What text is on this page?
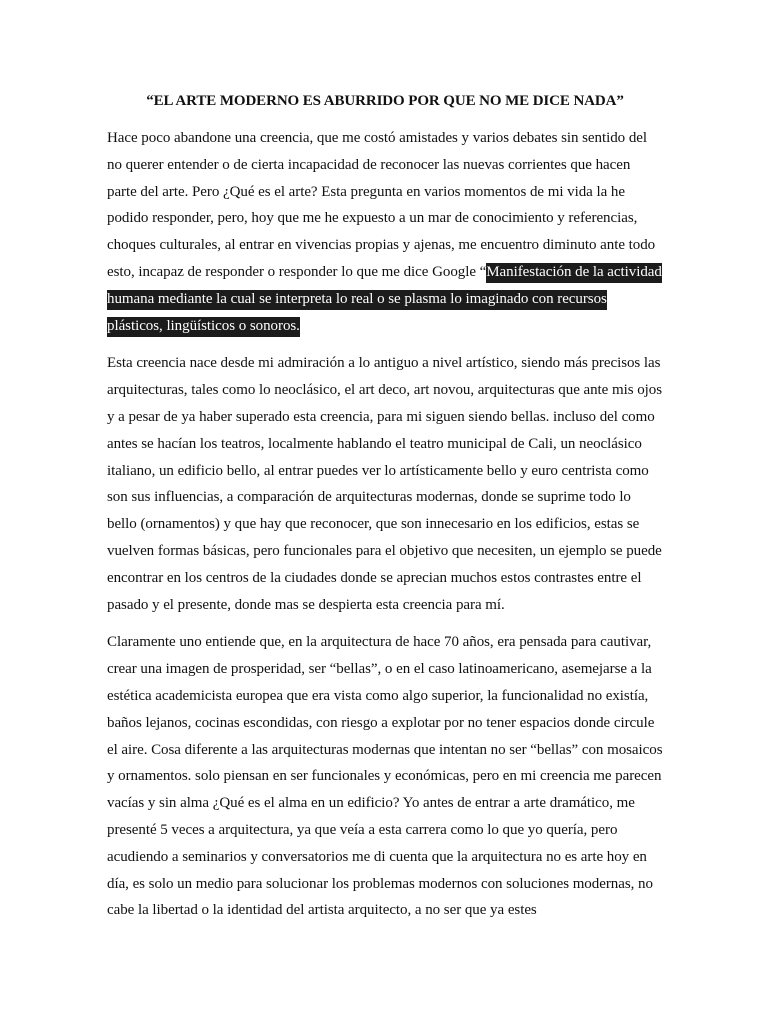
“EL ARTE MODERNO ES ABURRIDO POR QUE NO ME DICE NADA”

Hace poco abandone una creencia, que me costó amistades y varios debates sin sentido del no querer entender o de cierta incapacidad de reconocer las nuevas corrientes que hacen parte del arte. Pero ¿Qué es el arte? Esta pregunta en varios momentos de mi vida la he podido responder, pero, hoy que me he expuesto a un mar de conocimiento y referencias, choques culturales, al entrar en vivencias propias y ajenas, me encuentro diminuto ante todo esto, incapaz de responder o responder lo que me dice Google “Manifestación de la actividad humana mediante la cual se interpreta lo real o se plasma lo imaginado con recursos plásticos, lingüísticos o sonoros.

Esta creencia nace desde mi admiración a lo antiguo a nivel artístico, siendo más precisos las arquitecturas, tales como lo neoclásico, el art deco, art novou, arquitecturas que ante mis ojos y a pesar de ya haber superado esta creencia, para mi siguen siendo bellas. incluso del como antes se hacían los teatros, localmente hablando el teatro municipal de Cali, un neoclásico italiano, un edificio bello, al entrar puedes ver lo artísticamente bello y euro centrista como son sus influencias, a comparación de arquitecturas modernas, donde se suprime todo lo bello (ornamentos) y que hay que reconocer, que son innecesario en los edificios, estas se vuelven formas básicas, pero funcionales para el objetivo que necesiten, un ejemplo se puede encontrar en los centros de la ciudades donde se aprecian muchos estos contrastes entre el pasado y el presente, donde mas se despierta esta creencia para mí.

Claramente uno entiende que, en la arquitectura de hace 70 años, era pensada para cautivar, crear una imagen de prosperidad, ser “bellas”, o en el caso latinoamericano, asemejarse a la estética academicista europea que era vista como algo superior, la funcionalidad no existía, baños lejanos, cocinas escondidas, con riesgo a explotar por no tener espacios donde circule el aire. Cosa diferente a las arquitecturas modernas que intentan no ser “bellas” con mosaicos y ornamentos. solo piensan en ser funcionales y económicas, pero en mi creencia me parecen vacías y sin alma ¿Qué es el alma en un edificio? Yo antes de entrar a arte dramático, me presenté 5 veces a arquitectura, ya que veía a esta carrera como lo que yo quería, pero acudiendo a seminarios y conversatorios me di cuenta que la arquitectura no es arte hoy en día, es solo un medio para solucionar los problemas modernos con soluciones modernas, no cabe la libertad o la identidad del artista arquitecto, a no ser que ya estes
